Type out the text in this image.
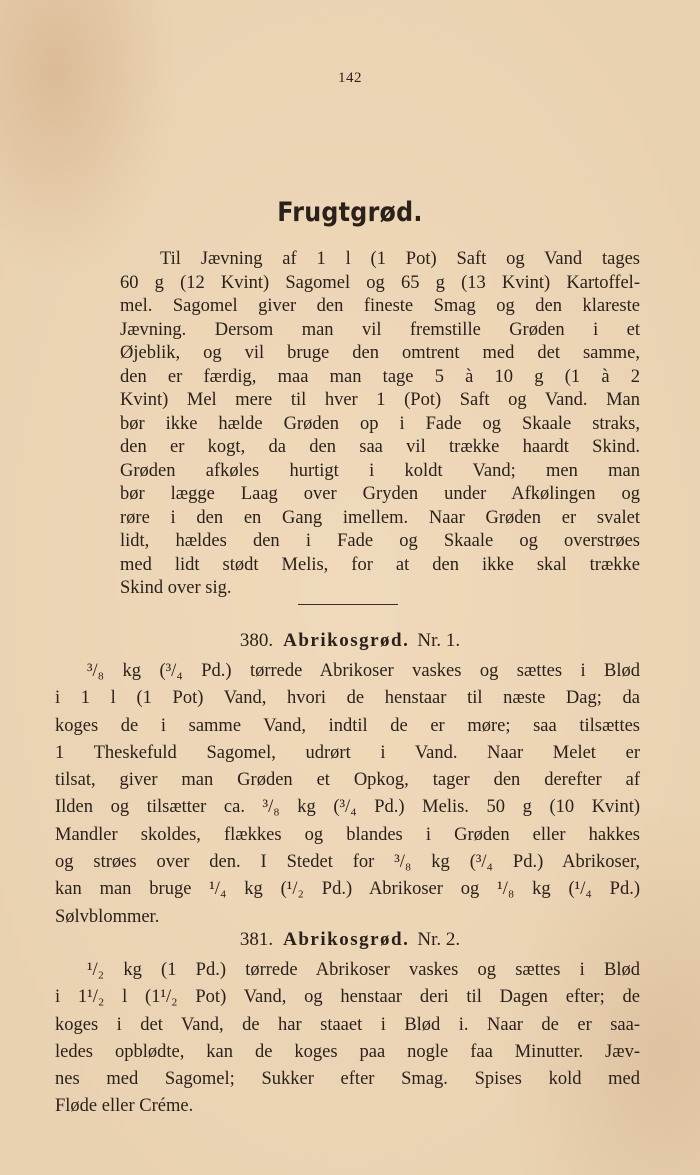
142
Frugtgrød.
Til Jævning af 1 l (1 Pot) Saft og Vand tages
60 g (12 Kvint) Sagomel og 65 g (13 Kvint) Kartoffel-
mel. Sagomel giver den fineste Smag og den klareste
Jævning. Dersom man vil fremstille Grøden i et
Øjeblik, og vil bruge den omtrent med det samme,
den er færdig, maa man tage 5 à 10 g (1 à 2
Kvint) Mel mere til hver 1 (Pot) Saft og Vand. Man
bør ikke hælde Grøden op i Fade og Skaale straks,
den er kogt, da den saa vil trække haardt Skind.
Grøden afkøles hurtigt i koldt Vand; men man
bør lægge Laag over Gryden under Afkølingen og
røre i den en Gang imellem. Naar Grøden er svalet
lidt, hældes den i Fade og Skaale og overstrøes
med lidt stødt Melis, for at den ikke skal trække
Skind over sig.
380. Abrikosgrød. Nr. 1.
³/₈ kg (³/₄ Pd.) tørrede Abrikoser vaskes og sættes i Blød
i 1 l (1 Pot) Vand, hvori de henstaar til næste Dag; da
koges de i samme Vand, indtil de er møre; saa tilsættes
1 Theskefuld Sagomel, udrørt i Vand. Naar Melet er
tilsat, giver man Grøden et Opkog, tager den derefter af
Ilden og tilsætter ca. ³/₈ kg (³/₄ Pd.) Melis. 50 g (10 Kvint)
Mandler skoldes, flækkes og blandes i Grøden eller hakkes
og strøes over den. I Stedet for ³/₈ kg (³/₄ Pd.) Abrikoser,
kan man bruge ¹/₄ kg (¹/₂ Pd.) Abrikoser og ¹/₈ kg (¹/₄ Pd.)
Sølvblommer.
381. Abrikosgrød. Nr. 2.
¹/₂ kg (1 Pd.) tørrede Abrikoser vaskes og sættes i Blød
i 1¹/₂ l (1¹/₂ Pot) Vand, og henstaar deri til Dagen efter; de
koges i det Vand, de har staaet i Blød i. Naar de er saa-
ledes opblødte, kan de koges paa nogle faa Minutter. Jæv-
nes med Sagomel; Sukker efter Smag. Spises kold med
Fløde eller Créme.
